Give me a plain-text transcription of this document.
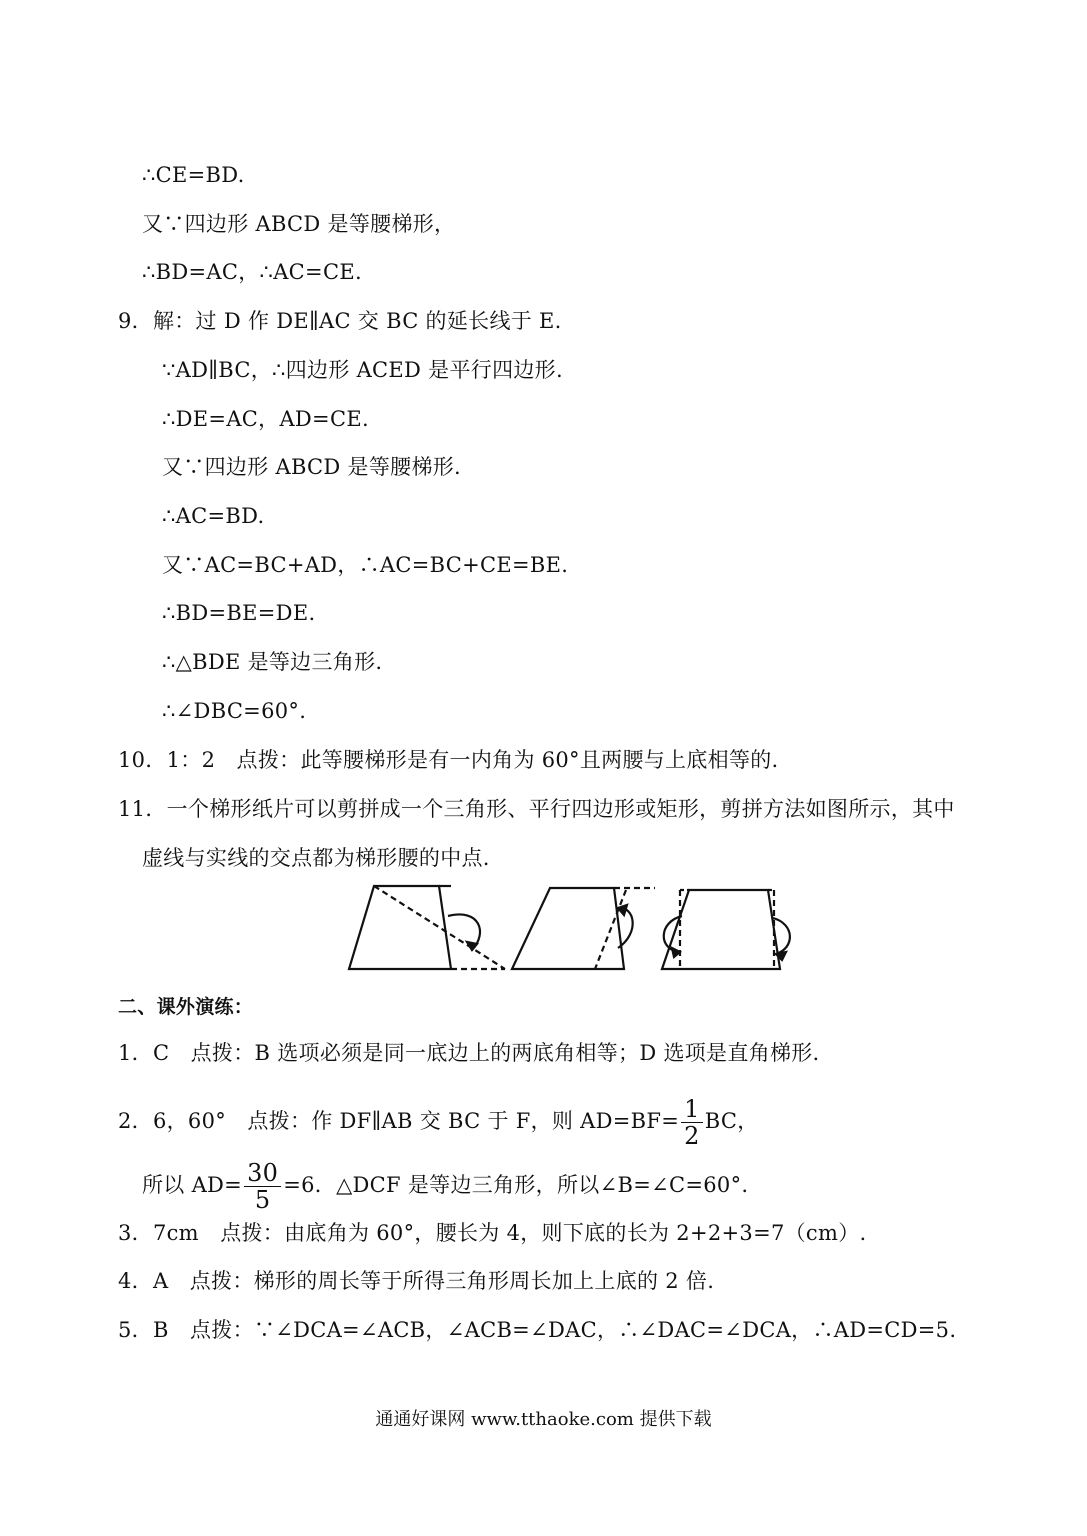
∴CE=BD.
又∵四边形 ABCD 是等腰梯形，
∴BD=AC，∴AC=CE.
9．解：过 D 作 DE∥AC 交 BC 的延长线于 E.
∵AD∥BC，∴四边形 ACED 是平行四边形.
∴DE=AC，AD=CE.
又∵四边形 ABCD 是等腰梯形.
∴AC=BD.
又∵AC=BC+AD，∴AC=BC+CE=BE.
∴BD=BE=DE.
∴△BDE 是等边三角形.
∴∠DBC=60°.
10．1：2　点拨：此等腰梯形是有一内角为 60°且两腰与上底相等的.
11．一个梯形纸片可以剪拼成一个三角形、平行四边形或矩形，剪拼方法如图所示，其中
虚线与实线的交点都为梯形腰的中点.
二、课外演练：
1．C　点拨：B 选项必须是同一底边上的两底角相等；D 选项是直角梯形.
2．6，60°　点拨：作 DF∥AB 交 BC 于 F，则 $AD=BF= \frac{1}{2}$ BC，
所以 $AD= \frac{30}{5} =6$．△DCF 是等边三角形，所以∠B=∠C=60°.
3．7cm　点拨：由底角为 60°，腰长为 4，则下底的长为 2+2+3=7（cm）.
4．A　点拨：梯形的周长等于所得三角形周长加上上底的 2 倍.
5．B　点拨：∵∠DCA=∠ACB，∠ACB=∠DAC，∴∠DAC=∠DCA，∴AD=CD=5.
通通好课网 www.tthaoke.com 提供下载
